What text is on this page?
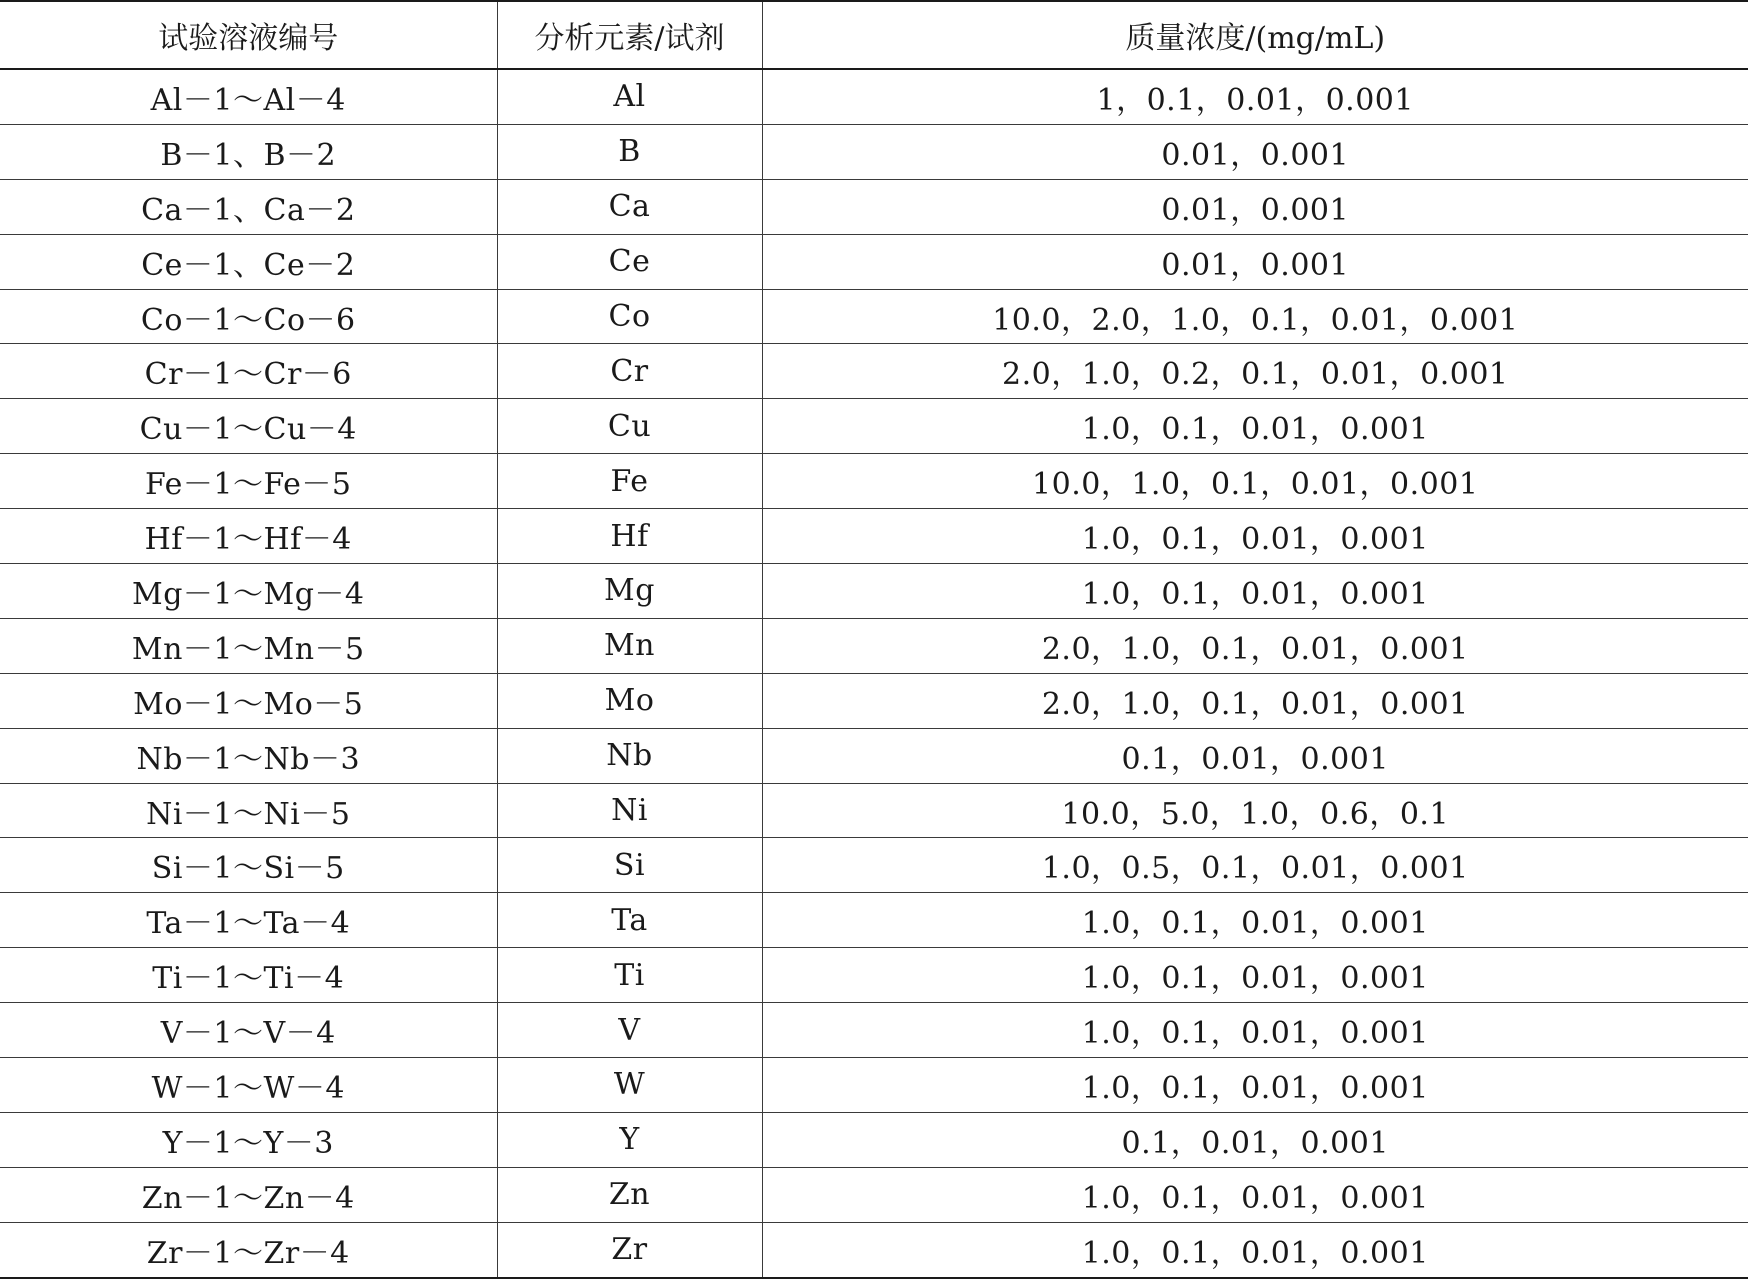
试验溶液编号	分析元素/试剂	质量浓度/(mg/mL)
Al－1～Al－4	Al	1，0.1，0.01，0.001
B－1、B－2	B	0.01，0.001
Ca－1、Ca－2	Ca	0.01，0.001
Ce－1、Ce－2	Ce	0.01，0.001
Co－1～Co－6	Co	10.0，2.0，1.0，0.1，0.01，0.001
Cr－1～Cr－6	Cr	2.0，1.0，0.2，0.1，0.01，0.001
Cu－1～Cu－4	Cu	1.0，0.1，0.01，0.001
Fe－1～Fe－5	Fe	10.0，1.0，0.1，0.01，0.001
Hf－1～Hf－4	Hf	1.0，0.1，0.01，0.001
Mg－1～Mg－4	Mg	1.0，0.1，0.01，0.001
Mn－1～Mn－5	Mn	2.0，1.0，0.1，0.01，0.001
Mo－1～Mo－5	Mo	2.0，1.0，0.1，0.01，0.001
Nb－1～Nb－3	Nb	0.1，0.01，0.001
Ni－1～Ni－5	Ni	10.0，5.0，1.0，0.6，0.1
Si－1～Si－5	Si	1.0，0.5，0.1，0.01，0.001
Ta－1～Ta－4	Ta	1.0，0.1，0.01，0.001
Ti－1～Ti－4	Ti	1.0，0.1，0.01，0.001
V－1～V－4	V	1.0，0.1，0.01，0.001
W－1～W－4	W	1.0，0.1，0.01，0.001
Y－1～Y－3	Y	0.1，0.01，0.001
Zn－1～Zn－4	Zn	1.0，0.1，0.01，0.001
Zr－1～Zr－4	Zr	1.0，0.1，0.01，0.001
